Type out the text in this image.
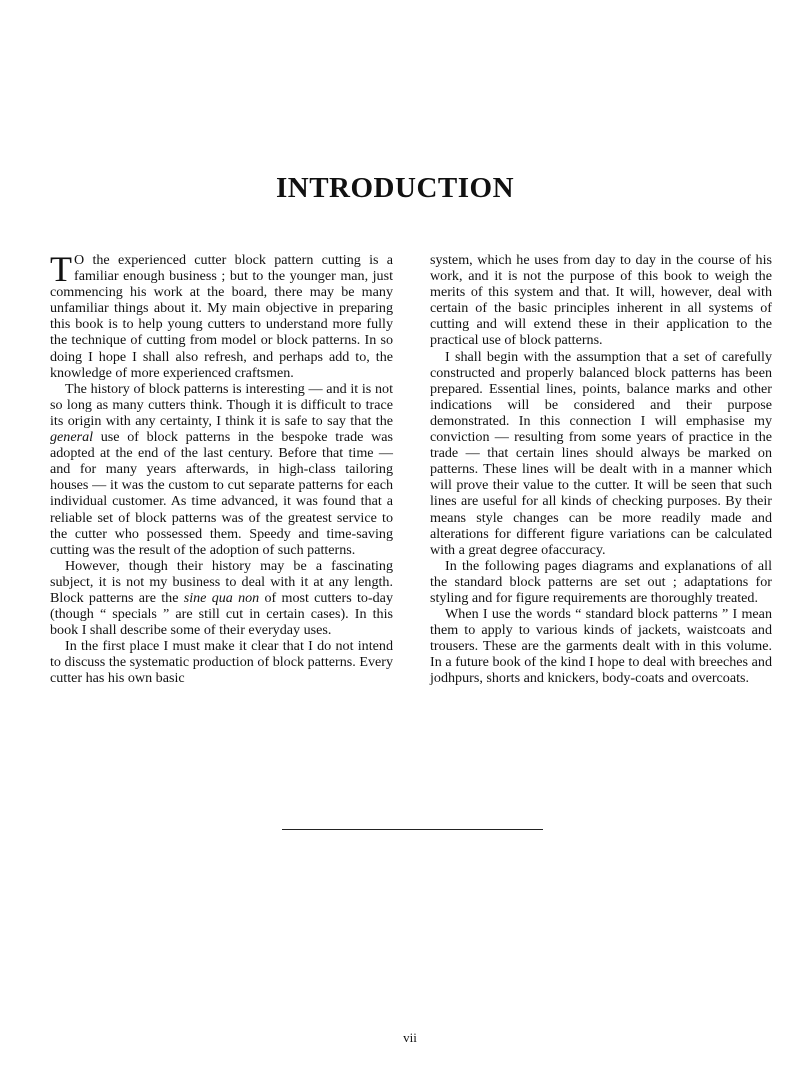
INTRODUCTION

T O the experienced cutter block pattern cutting is a familiar enough business ; but to the younger man, just commencing his work at the board, there may be many unfamiliar things about it. My main objective in preparing this book is to help young cutters to understand more fully the technique of cutting from model or block patterns. In so doing I hope I shall also refresh, and perhaps add to, the knowledge of more experienced craftsmen.

The history of block patterns is interesting — and it is not so long as many cutters think. Though it is difficult to trace its origin with any certainty, I think it is safe to say that the general use of block patterns in the bespoke trade was adopted at the end of the last century. Before that time — and for many years afterwards, in high-class tailoring houses — it was the custom to cut separate patterns for each individual customer. As time advanced, it was found that a reliable set of block patterns was of the greatest service to the cutter who possessed them. Speedy and time-saving cutting was the result of the adoption of such patterns.

However, though their history may be a fascinating subject, it is not my business to deal with it at any length. Block patterns are the sine qua non of most cutters to-day (though “ specials ” are still cut in certain cases). In this book I shall describe some of their everyday uses.

In the first place I must make it clear that I do not intend to discuss the systematic production of block patterns. Every cutter has his own basic

system, which he uses from day to day in the course of his work, and it is not the purpose of this book to weigh the merits of this system and that. It will, however, deal with certain of the basic principles inherent in all systems of cutting and will extend these in their application to the practical use of block patterns.

I shall begin with the assumption that a set of carefully constructed and properly balanced block patterns has been prepared. Essential lines, points, balance marks and other indications will be considered and their purpose demonstrated. In this connection I will emphasise my conviction — resulting from some years of practice in the trade — that certain lines should always be marked on patterns. These lines will be dealt with in a manner which will prove their value to the cutter. It will be seen that such lines are useful for all kinds of checking purposes. By their means style changes can be more readily made and alterations for different figure variations can be calculated with a great degree ofaccuracy.

In the following pages diagrams and explanations of all the standard block patterns are set out ; adaptations for styling and for figure requirements are thoroughly treated.

When I use the words “ standard block patterns ” I mean them to apply to various kinds of jackets, waistcoats and trousers. These are the garments dealt with in this volume. In a future book of the kind I hope to deal with breeches and jodhpurs, shorts and knickers, body-coats and overcoats.

vii
